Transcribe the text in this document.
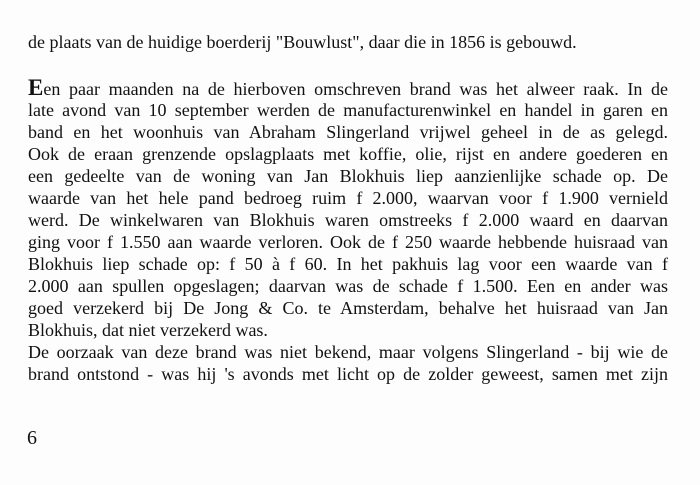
de plaats van de huidige boerderij "Bouwlust", daar die in 1856 is gebouwd.
Een paar maanden na de hierboven omschreven brand was het alweer raak. In de
late avond van 10 september werden de manufacturenwinkel en handel in garen en
band en het woonhuis van Abraham Slingerland vrijwel geheel in de as gelegd.
Ook de eraan grenzende opslagplaats met koffie, olie, rijst en andere goederen en
een gedeelte van de woning van Jan Blokhuis liep aanzienlijke schade op. De
waarde van het hele pand bedroeg ruim f 2.000, waarvan voor f 1.900 vernield
werd. De winkelwaren van Blokhuis waren omstreeks f 2.000 waard en daarvan
ging voor f 1.550 aan waarde verloren. Ook de f 250 waarde hebbende huisraad van
Blokhuis liep schade op: f 50 à f 60. In het pakhuis lag voor een waarde van f
2.000 aan spullen opgeslagen; daarvan was de schade f 1.500. Een en ander was
goed verzekerd bij De Jong & Co. te Amsterdam, behalve het huisraad van Jan
Blokhuis, dat niet verzekerd was.
De oorzaak van deze brand was niet bekend, maar volgens Slingerland - bij wie de
brand ontstond - was hij 's avonds met licht op de zolder geweest, samen met zijn
6
